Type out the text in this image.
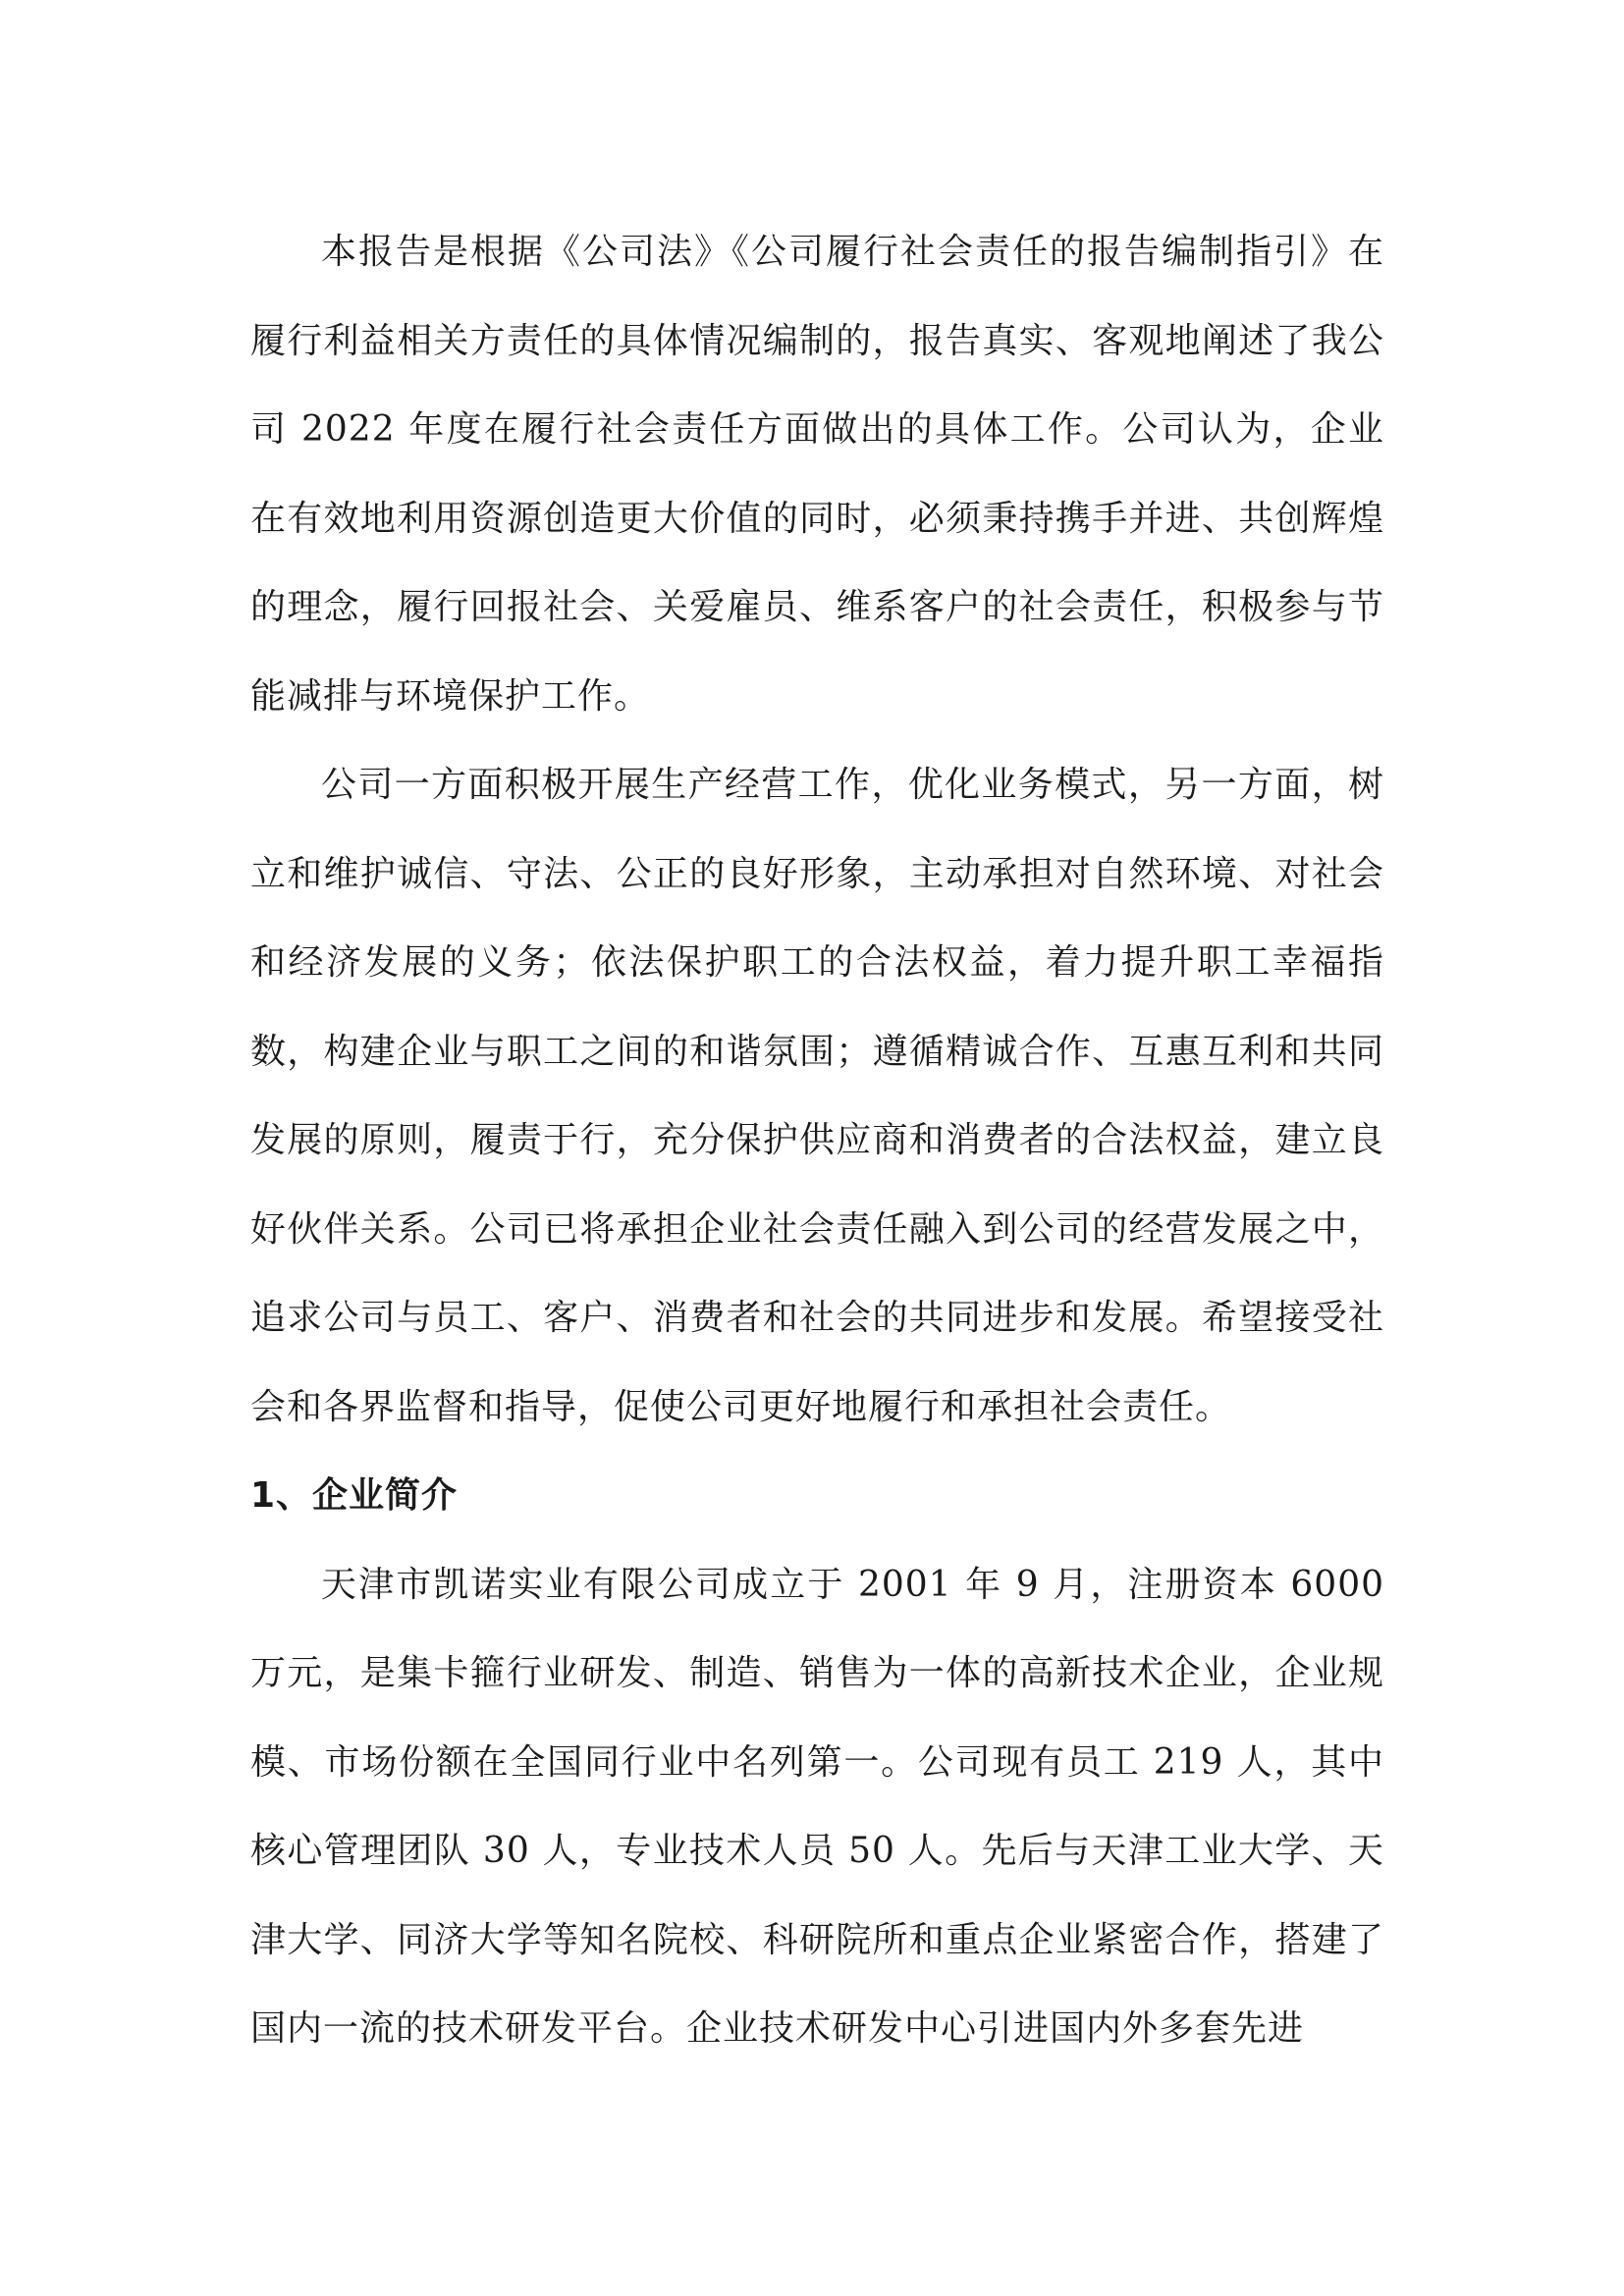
本报告是根据《公司法》《公司履行社会责任的报告编制指引》在履行利益相关方责任的具体情况编制的，报告真实、客观地阐述了我公司 2022 年度在履行社会责任方面做出的具体工作。公司认为，企业在有效地利用资源创造更大价值的同时，必须秉持携手并进、共创辉煌的理念，履行回报社会、关爱雇员、维系客户的社会责任，积极参与节能减排与环境保护工作。

公司一方面积极开展生产经营工作，优化业务模式，另一方面，树立和维护诚信、守法、公正的良好形象，主动承担对自然环境、对社会和经济发展的义务；依法保护职工的合法权益，着力提升职工幸福指数，构建企业与职工之间的和谐氛围；遵循精诚合作、互惠互利和共同发展的原则，履责于行，充分保护供应商和消费者的合法权益，建立良好伙伴关系。公司已将承担企业社会责任融入到公司的经营发展之中，追求公司与员工、客户、消费者和社会的共同进步和发展。希望接受社会和各界监督和指导，促使公司更好地履行和承担社会责任。

1、企业简介

天津市凯诺实业有限公司成立于 2001 年 9 月，注册资本 6000 万元，是集卡箍行业研发、制造、销售为一体的高新技术企业，企业规模、市场份额在全国同行业中名列第一。公司现有员工 219 人，其中核心管理团队 30 人，专业技术人员 50 人。先后与天津工业大学、天津大学、同济大学等知名院校、科研院所和重点企业紧密合作，搭建了国内一流的技术研发平台。企业技术研发中心引进国内外多套先进
